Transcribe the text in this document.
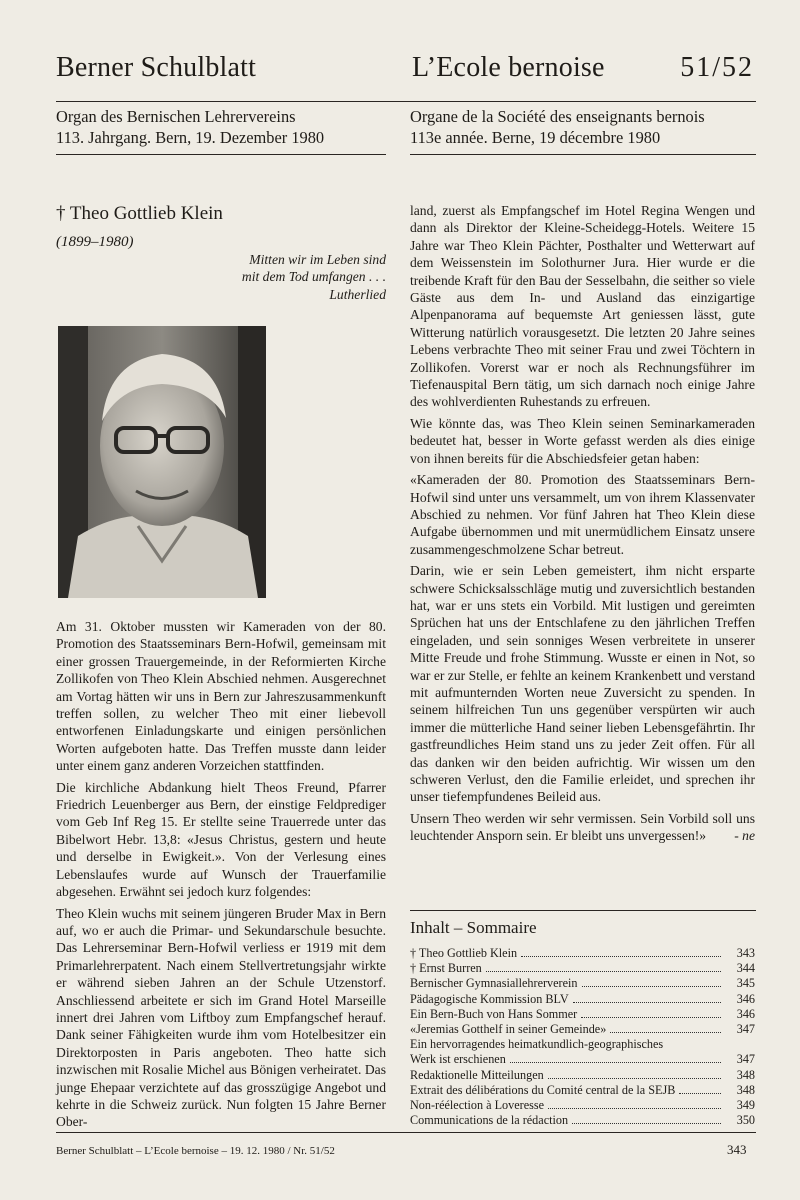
Berner Schulblatt	L’Ecole bernoise	51/52
Organ des Bernischen Lehrervereins
113. Jahrgang. Bern, 19. Dezember 1980
Organe de la Société des enseignants bernois
113e année. Berne, 19 décembre 1980
† Theo Gottlieb Klein
(1899–1980)
Mitten wir im Leben sind
mit dem Tod umfangen . . .
Lutherlied

Am 31. Oktober mussten wir Kameraden von der 80. Promotion des Staatsseminars Bern-Hofwil, gemeinsam mit einer grossen Trauergemeinde, in der Reformierten Kirche Zollikofen von Theo Klein Abschied nehmen. Ausgerechnet am Vortag hätten wir uns in Bern zur Jahreszusammenkunft treffen sollen, zu welcher Theo mit einer liebevoll entworfenen Einladungskarte und einigen persönlichen Worten aufgeboten hatte. Das Treffen musste dann leider unter einem ganz anderen Vorzeichen stattfinden.

Die kirchliche Abdankung hielt Theos Freund, Pfarrer Friedrich Leuenberger aus Bern, der einstige Feldprediger vom Geb Inf Reg 15. Er stellte seine Trauerrede unter das Bibelwort Hebr. 13,8: «Jesus Christus, gestern und heute und derselbe in Ewigkeit.». Von der Verlesung eines Lebenslaufes wurde auf Wunsch der Trauerfamilie abgesehen. Erwähnt sei jedoch kurz folgendes:

Theo Klein wuchs mit seinem jüngeren Bruder Max in Bern auf, wo er auch die Primar- und Sekundarschule besuchte. Das Lehrerseminar Bern-Hofwil verliess er 1919 mit dem Primarlehrerpatent. Nach einem Stellvertretungsjahr wirkte er während sieben Jahren an der Schule Utzenstorf. Anschliessend arbeitete er sich im Grand Hotel Marseille innert drei Jahren vom Liftboy zum Empfangschef herauf. Dank seiner Fähigkeiten wurde ihm vom Hotelbesitzer ein Direktorposten in Paris angeboten. Theo hatte sich inzwischen mit Rosalie Michel aus Bönigen verheiratet. Das junge Ehepaar verzichtete auf das grosszügige Angebot und kehrte in die Schweiz zurück. Nun folgten 15 Jahre Berner Ober-

land, zuerst als Empfangschef im Hotel Regina Wengen und dann als Direktor der Kleine-Scheidegg-Hotels. Weitere 15 Jahre war Theo Klein Pächter, Posthalter und Wetterwart auf dem Weissenstein im Solothurner Jura. Hier wurde er die treibende Kraft für den Bau der Sesselbahn, die seither so viele Gäste aus dem In- und Ausland das einzigartige Alpenpanorama auf bequemste Art geniessen lässt, gute Witterung natürlich vorausgesetzt. Die letzten 20 Jahre seines Lebens verbrachte Theo mit seiner Frau und zwei Töchtern in Zollikofen. Vorerst war er noch als Rechnungsführer im Tiefenauspital Bern tätig, um sich darnach noch einige Jahre des wohlverdienten Ruhestands zu erfreuen.

Wie könnte das, was Theo Klein seinen Seminarkameraden bedeutet hat, besser in Worte gefasst werden als dies einige von ihnen bereits für die Abschiedsfeier getan haben:

«Kameraden der 80. Promotion des Staatsseminars Bern-Hofwil sind unter uns versammelt, um von ihrem Klassenvater Abschied zu nehmen. Vor fünf Jahren hat Theo Klein diese Aufgabe übernommen und mit unermüdlichem Einsatz unsere zusammengeschmolzene Schar betreut.

Darin, wie er sein Leben gemeistert, ihm nicht ersparte schwere Schicksalsschläge mutig und zuversichtlich bestanden hat, war er uns stets ein Vorbild. Mit lustigen und gereimten Sprüchen hat uns der Entschlafene zu den jährlichen Treffen eingeladen, und sein sonniges Wesen verbreitete in unserer Mitte Freude und frohe Stimmung. Wusste er einen in Not, so war er zur Stelle, er fehlte an keinem Krankenbett und verstand mit aufmunternden Worten neue Zuversicht zu spenden. In seinem hilfreichen Tun uns gegenüber verspürten wir auch immer die mütterliche Hand seiner lieben Lebensgefährtin. Ihr gastfreundliches Heim stand uns zu jeder Zeit offen. Für all das danken wir den beiden aufrichtig. Wir wissen um den schweren Verlust, den die Familie erleidet, und sprechen ihr unser tiefempfundenes Beileid aus.

Unsern Theo werden wir sehr vermissen. Sein Vorbild soll uns leuchtender Ansporn sein. Er bleibt uns unvergessen!» - ne

Inhalt – Sommaire
† Theo Gottlieb Klein	343
† Ernst Burren	344
Bernischer Gymnasiallehrerverein	345
Pädagogische Kommission BLV	346
Ein Bern-Buch von Hans Sommer	346
«Jeremias Gotthelf in seiner Gemeinde»	347
Ein hervorragendes heimatkundlich-geographisches
Werk ist erschienen	347
Redaktionelle Mitteilungen	348
Extrait des délibérations du Comité central de la SEJB	348
Non-réélection à Loveresse	349
Communications de la rédaction	350
Berner Schulblatt – L’Ecole bernoise – 19. 12. 1980 / Nr. 51/52	343
